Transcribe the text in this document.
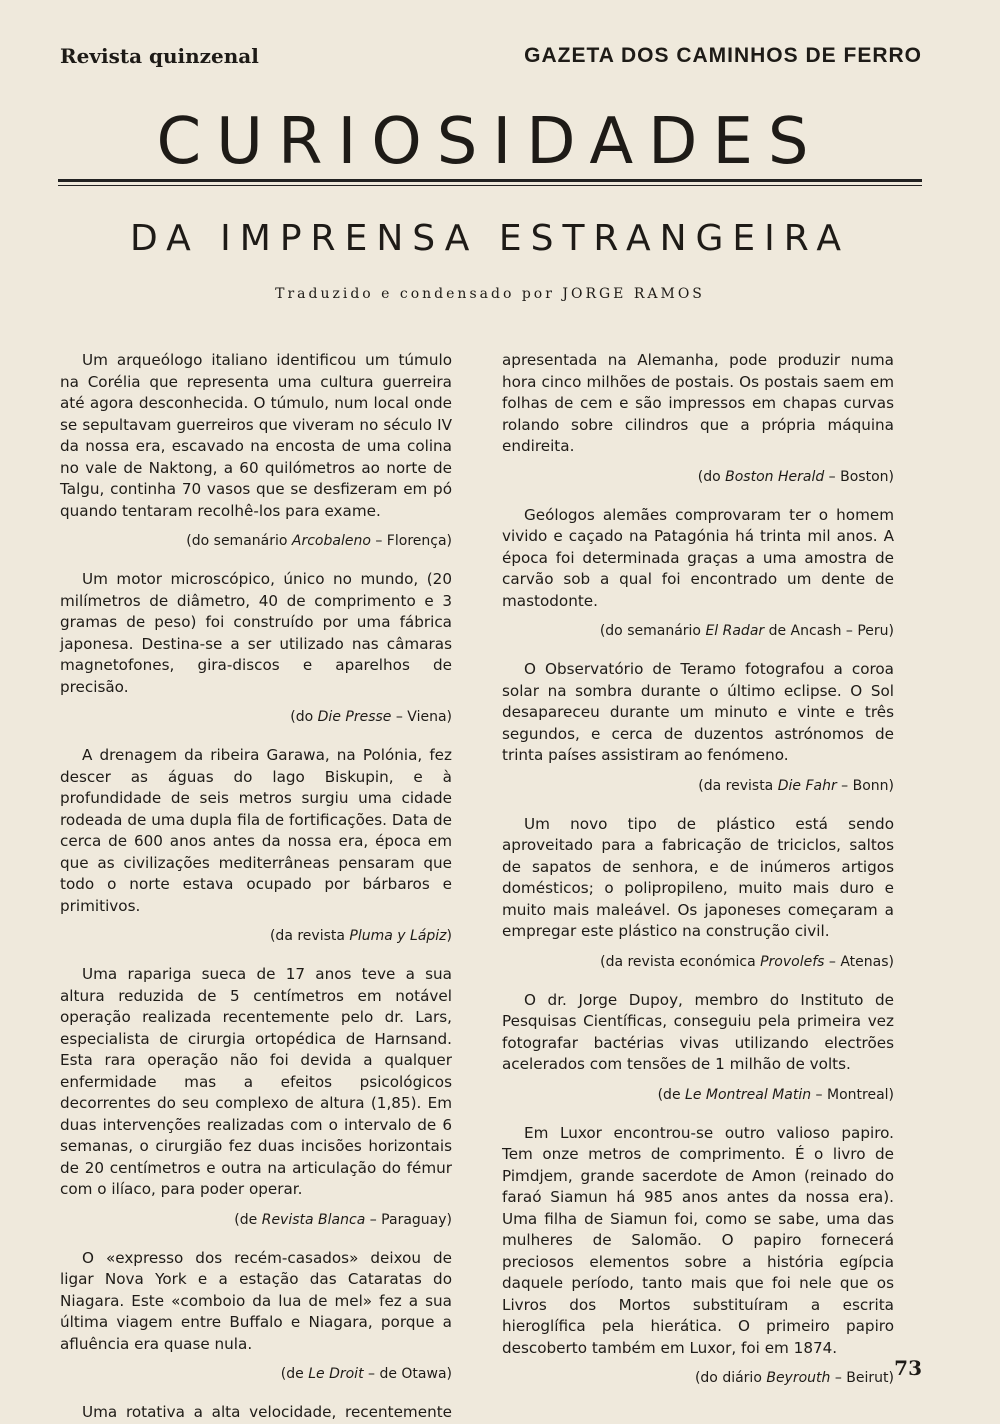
Revista quinzenal	GAZETA DOS CAMINHOS DE FERRO
CURIOSIDADES
DA IMPRENSA ESTRANGEIRA
Traduzido e condensado por JORGE RAMOS

Um arqueólogo italiano identificou um túmulo na Corélia que representa uma cultura guerreira até agora desconhecida. O túmulo, num local onde se sepultavam guerreiros que viveram no século IV da nossa era, escavado na encosta de uma colina no vale de Naktong, a 60 quilómetros ao norte de Talgu, continha 70 vasos que se desfizeram em pó quando tentaram recolhê-los para exame.

(do semanário Arcobaleno – Florença)

Um motor microscópico, único no mundo, (20 milímetros de diâmetro, 40 de comprimento e 3 gramas de peso) foi construído por uma fábrica japonesa. Destina-se a ser utilizado nas câmaras magnetofones, gira-discos e aparelhos de precisão.

(do Die Presse – Viena)

A drenagem da ribeira Garawa, na Polónia, fez descer as águas do lago Biskupin, e à profundidade de seis metros surgiu uma cidade rodeada de uma dupla fila de fortificações. Data de cerca de 600 anos antes da nossa era, época em que as civilizações mediterrâneas pensaram que todo o norte estava ocupado por bárbaros e primitivos.

(da revista Pluma y Lápiz)

Uma rapariga sueca de 17 anos teve a sua altura reduzida de 5 centímetros em notável operação realizada recentemente pelo dr. Lars, especialista de cirurgia ortopédica de Harnsand. Esta rara operação não foi devida a qualquer enfermidade mas a efeitos psicológicos decorrentes do seu complexo de altura (1,85). Em duas intervenções realizadas com o intervalo de 6 semanas, o cirurgião fez duas incisões horizontais de 20 centímetros e outra na articulação do fémur com o ilíaco, para poder operar.

(de Revista Blanca – Paraguay)

O «expresso dos recém-casados» deixou de ligar Nova York e a estação das Cataratas do Niagara. Este «comboio da lua de mel» fez a sua última viagem entre Buffalo e Niagara, porque a afluência era quase nula.

(de Le Droit – de Otawa)

Uma rotativa a alta velocidade, recentemente

apresentada na Alemanha, pode produzir numa hora cinco milhões de postais. Os postais saem em folhas de cem e são impressos em chapas curvas rolando sobre cilindros que a própria máquina endireita.

(do Boston Herald – Boston)

Geólogos alemães comprovaram ter o homem vivido e caçado na Patagónia há trinta mil anos. A época foi determinada graças a uma amostra de carvão sob a qual foi encontrado um dente de mastodonte.

(do semanário El Radar de Ancash – Peru)

O Observatório de Teramo fotografou a coroa solar na sombra durante o último eclipse. O Sol desapareceu durante um minuto e vinte e três segundos, e cerca de duzentos astrónomos de trinta países assistiram ao fenómeno.

(da revista Die Fahr – Bonn)

Um novo tipo de plástico está sendo aproveitado para a fabricação de triciclos, saltos de sapatos de senhora, e de inúmeros artigos domésticos; o polipropileno, muito mais duro e muito mais maleável. Os japoneses começaram a empregar este plástico na construção civil.

(da revista económica Provolefs – Atenas)

O dr. Jorge Dupoy, membro do Instituto de Pesquisas Científicas, conseguiu pela primeira vez fotografar bactérias vivas utilizando electrões acelerados com tensões de 1 milhão de volts.

(de Le Montreal Matin – Montreal)

Em Luxor encontrou-se outro valioso papiro. Tem onze metros de comprimento. É o livro de Pimdjem, grande sacerdote de Amon (reinado do faraó Siamun há 985 anos antes da nossa era). Uma filha de Siamun foi, como se sabe, uma das mulheres de Salomão. O papiro fornecerá preciosos elementos sobre a história egípcia daquele período, tanto mais que foi nele que os Livros dos Mortos substituíram a escrita hieroglífica pela hierática. O primeiro papiro descoberto também em Luxor, foi em 1874.

(do diário Beyrouth – Beirut) 73
